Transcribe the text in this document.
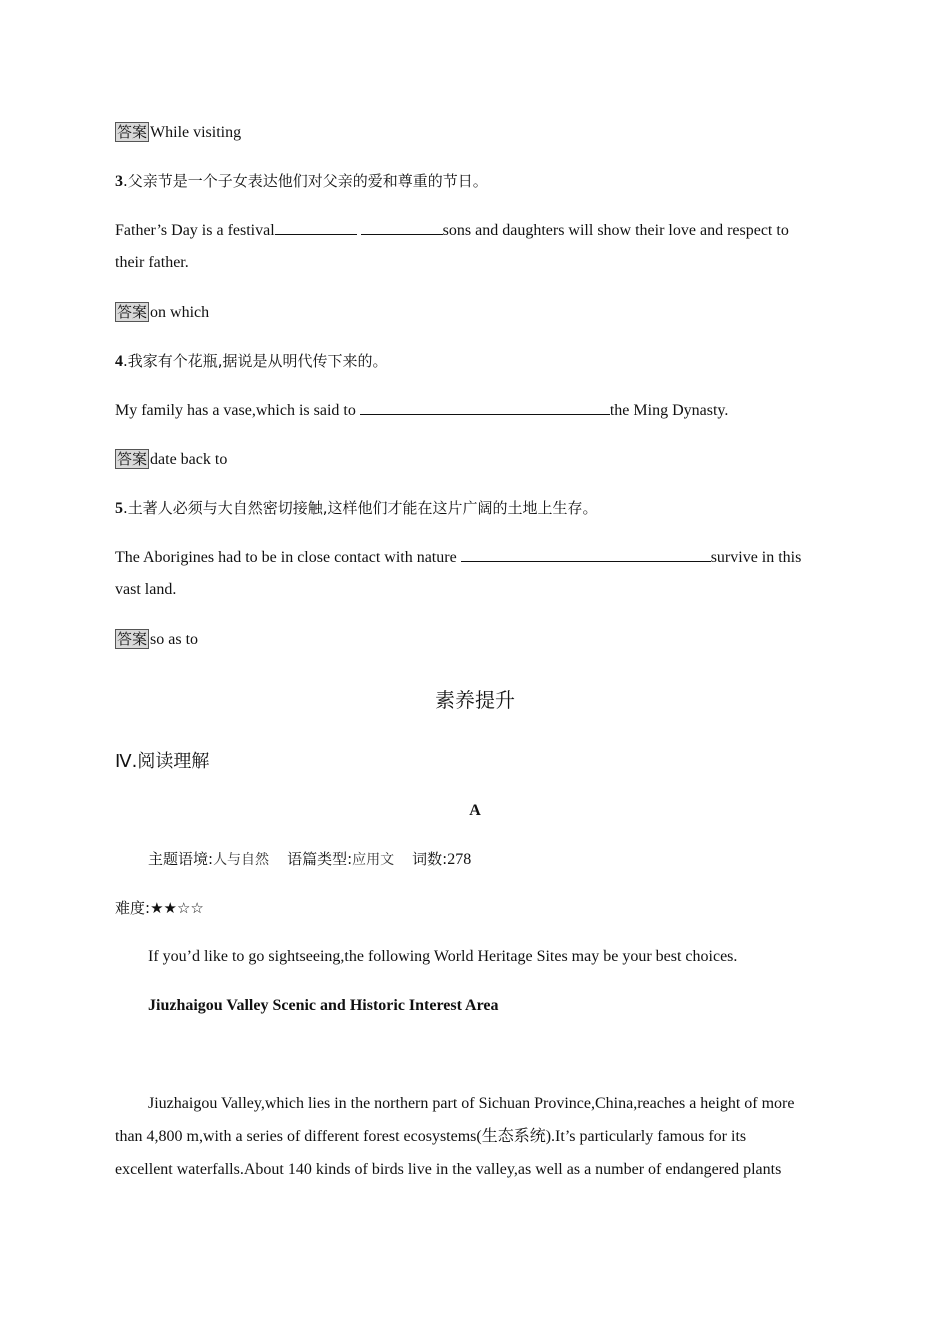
答案 While visiting
3.父亲节是一个子女表达他们对父亲的爱和尊重的节日。
Father’s Day is a festival	sons and daughters will show their love and respect to
their father.
答案 on which
4.我家有个花瓶,据说是从明代传下来的。
My family has a vase,which is said to	the Ming Dynasty.
答案 date back to
5.土著人必须与大自然密切接触,这样他们才能在这片广阔的土地上生存。
The Aborigines had to be in close contact with nature	survive in this
vast land.
答案 so as to
素养提升
Ⅳ.阅读理解
A
主题语境:人与自然 语篇类型:应用文 词数:278
难度:★★☆☆
If you’d like to go sightseeing,the following World Heritage Sites may be your best choices.
Jiuzhaigou Valley Scenic and Historic Interest Area
Jiuzhaigou Valley,which lies in the northern part of Sichuan Province,China,reaches a height of more
than 4,800 m,with a series of different forest ecosystems(生态系统).It’s particularly famous for its
excellent waterfalls.About 140 kinds of birds live in the valley,as well as a number of endangered plants
